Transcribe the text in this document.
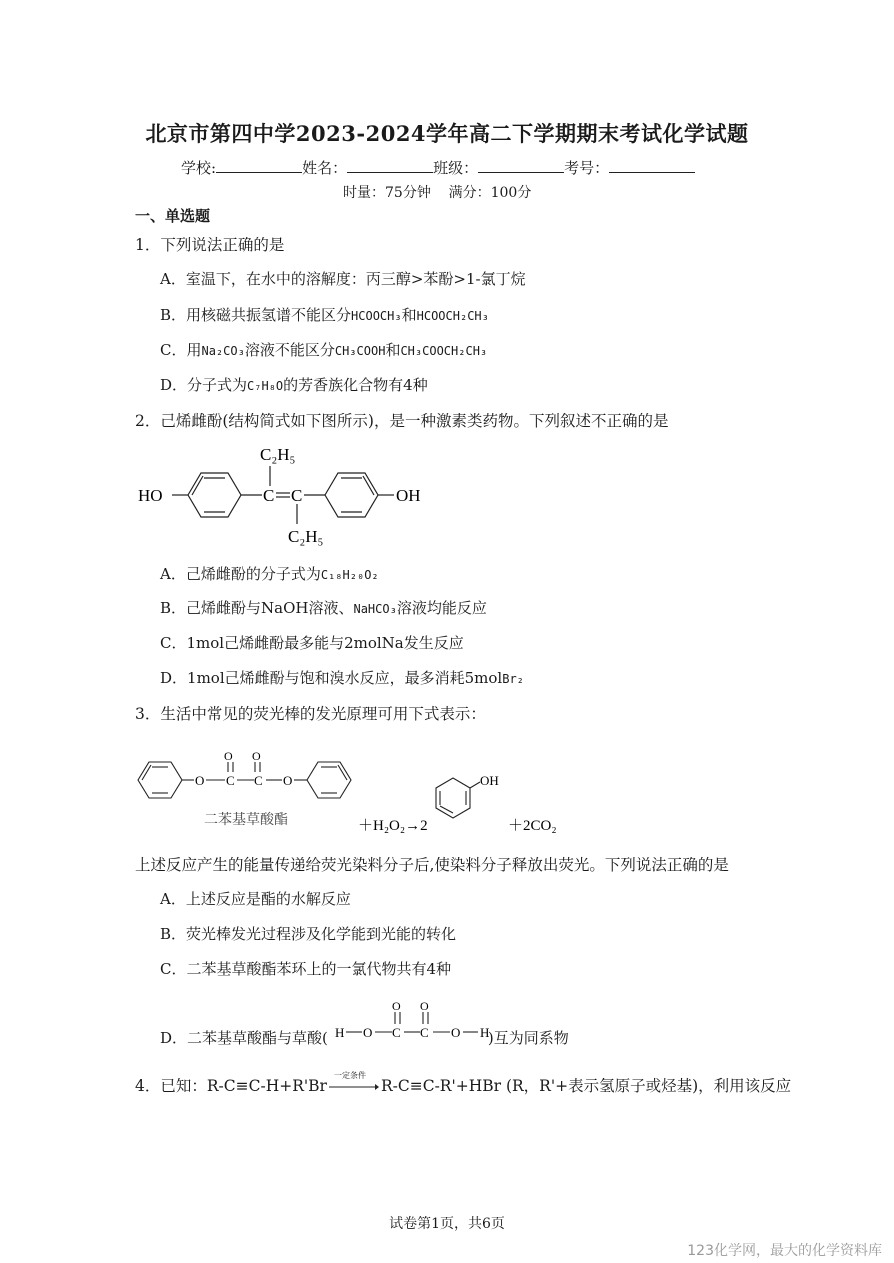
北京市第四中学2023-2024学年高二下学期期末考试化学试题
学校:	姓名：	班级：	考号：
时量：75分钟    满分：100分
一、单选题
1．下列说法正确的是
A．室温下，在水中的溶解度：丙三醇>苯酚>1-氯丁烷
B．用核磁共振氢谱不能区分HCOOCH₃和HCOOCH₂CH₃
C．用Na₂CO₃溶液不能区分CH₃COOH和CH₃COOCH₂CH₃
D．分子式为C₇H₈O的芳香族化合物有4种
2．己烯雌酚(结构简式如下图所示)，是一种激素类药物。下列叙述不正确的是
HO	OH
C C
C₂H₅
C₂H₅
A．己烯雌酚的分子式为C₁₈H₂₀O₂
B．己烯雌酚与NaOH溶液、NaHCO₃溶液均能反应
C．1mol己烯雌酚最多能与2molNa发生反应
D．1mol己烯雌酚与饱和溴水反应，最多消耗5molBr₂
3．生活中常见的荧光棒的发光原理可用下式表示：
O O
O C C O
二苯基草酸酯	＋H₂O₂→2
OH
＋2CO₂
上述反应产生的能量传递给荧光染料分子后,使染料分子释放出荧光。下列说法正确的是
A．上述反应是酯的水解反应
B．荧光棒发光过程涉及化学能到光能的转化
C．二苯基草酸酯苯环上的一氯代物共有4种
D．二苯基草酸酯与草酸(	)互为同系物
H O C C O H
O O
4．已知：R-C≡C-H+R'Br
一定条件
R-C≡C-R'+HBr (R，R'+表示氢原子或烃基)，利用该反应
试卷第1页，共6页
123化学网，最大的化学资料库
